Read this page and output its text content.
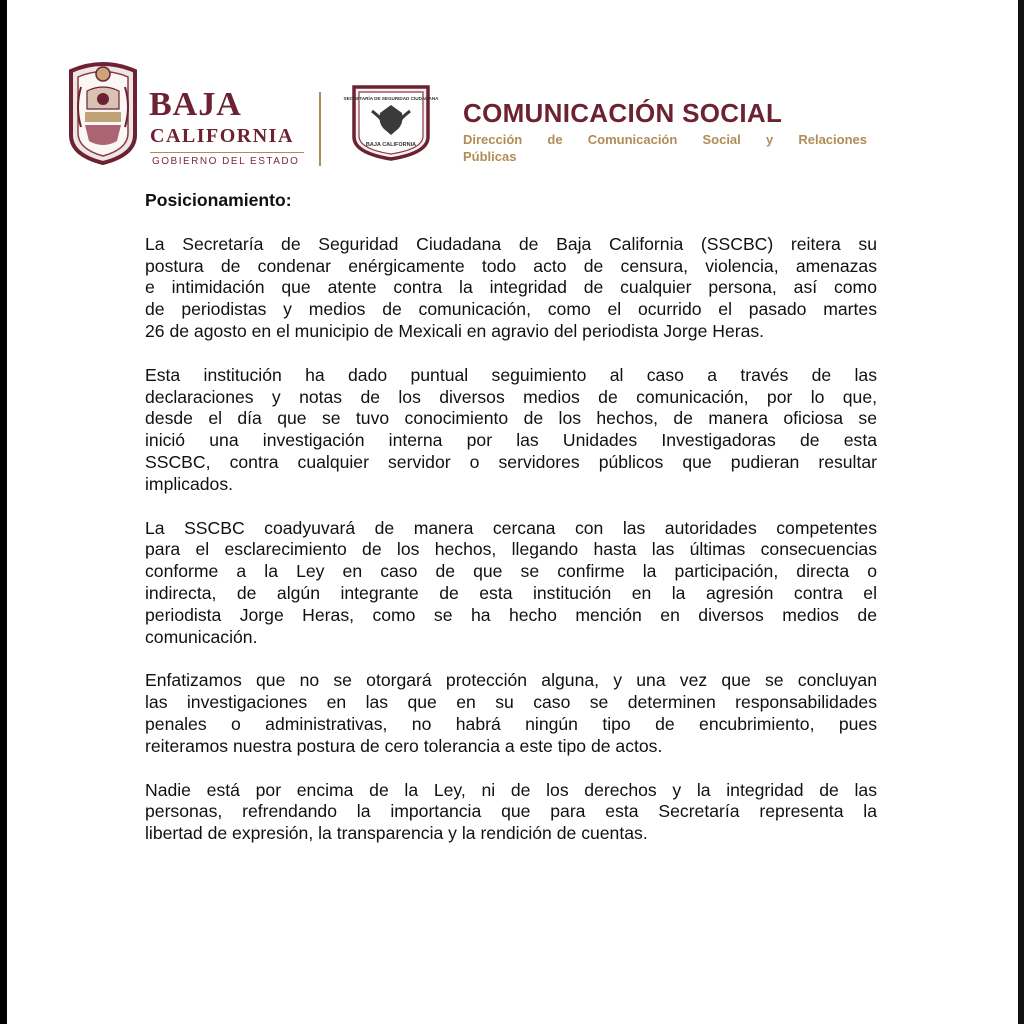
BAJA
CALIFORNIA
GOBIERNO DEL ESTADO
SECRETARÍA DE SEGURIDAD CIUDADANA
BAJA CALIFORNIA
COMUNICACIÓN SOCIAL
Dirección de Comunicación Social y Relaciones
Públicas
Posicionamiento:
La Secretaría de Seguridad Ciudadana de Baja California (SSCBC) reitera su
postura de condenar enérgicamente todo acto de censura, violencia, amenazas
e intimidación que atente contra la integridad de cualquier persona, así como
de periodistas y medios de comunicación, como el ocurrido el pasado martes
26 de agosto en el municipio de Mexicali en agravio del periodista Jorge Heras.
Esta institución ha dado puntual seguimiento al caso a través de las
declaraciones y notas de los diversos medios de comunicación, por lo que,
desde el día que se tuvo conocimiento de los hechos, de manera oficiosa se
inició una investigación interna por las Unidades Investigadoras de esta
SSCBC, contra cualquier servidor o servidores públicos que pudieran resultar
implicados.
La SSCBC coadyuvará de manera cercana con las autoridades competentes
para el esclarecimiento de los hechos, llegando hasta las últimas consecuencias
conforme a la Ley en caso de que se confirme la participación, directa o
indirecta, de algún integrante de esta institución en la agresión contra el
periodista Jorge Heras, como se ha hecho mención en diversos medios de
comunicación.
Enfatizamos que no se otorgará protección alguna, y una vez que se concluyan
las investigaciones en las que en su caso se determinen responsabilidades
penales o administrativas, no habrá ningún tipo de encubrimiento, pues
reiteramos nuestra postura de cero tolerancia a este tipo de actos.
Nadie está por encima de la Ley, ni de los derechos y la integridad de las
personas, refrendando la importancia que para esta Secretaría representa la
libertad de expresión, la transparencia y la rendición de cuentas.
